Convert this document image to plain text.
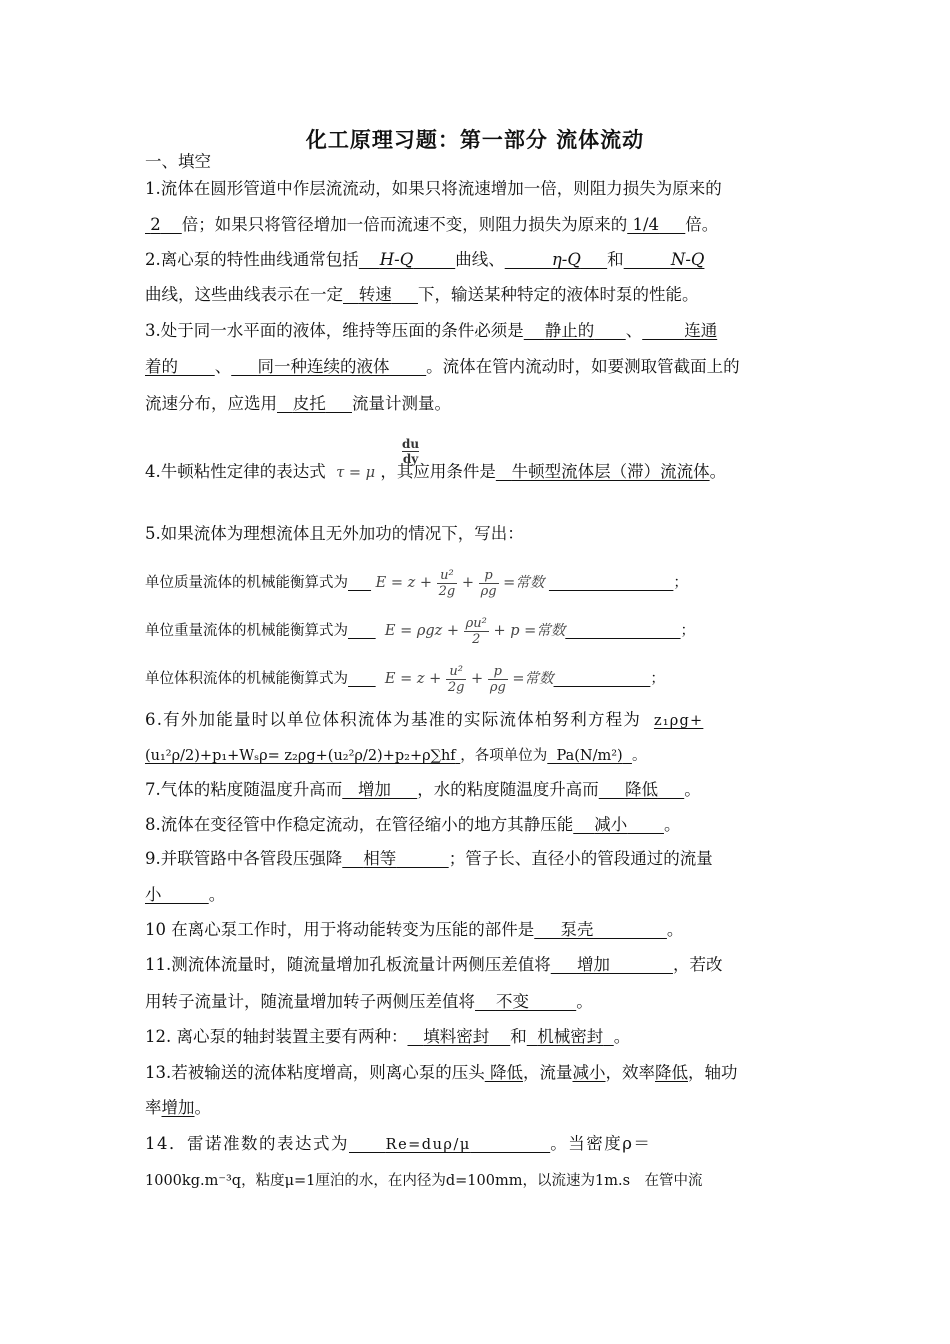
化工原理习题：第一部分 流体流动
一、填空
1.流体在圆形管道中作层流流动，如果只将流速增加一倍，则阻力损失为原来的
2 倍；如果只将管径增加一倍而流速不变，则阻力损失为原来的 1/4 倍。
2.离心泵的特性曲线通常包括 H-Q	曲线、	η-Q 和	N-Q
曲线，这些曲线表示在一定 转速 下，输送某种特定的液体时泵的性能。
3.处于同一水平面的液体，维持等压面的条件必须是 静止的 、	连通
着的 、 同一种连续的液体 。流体在管内流动时，如要测取管截面上的
流速分布，应选用 皮托 流量计测量。
du
dy
4.牛顿粘性定律的表达式 τ = μ ，其应用条件是 牛顿型流体层（滞）流流体。
5.如果流体为理想流体且无外加功的情况下，写出：
单位质量流体的机械能衡算式为 $E = z + \frac{\text{u²}}{2g} + \frac{p}{\rho g}$ =常数	；
单位重量流体的机械能衡算式为	$E = \rho gz + \frac{\text{ρu²}}{2} + p$ =常数	；
单位体积流体的机械能衡算式为	$E = z + \frac{\text{u²}}{2g} + \frac{p}{\rho g}$ =常数	；
6.有外加能量时以单位体积流体为基准的实际流体柏努利方程为 z₁ρg+
(u₁²ρ/2)+p₁+Wₛρ= z₂ρg+(u₂²ρ/2)+p₂+ρ∑hf ，各项单位为 Pa(N/m²) 。
7.气体的粘度随温度升高而 增加 ，水的粘度随温度升高而 降低 。
8.流体在变径管中作稳定流动，在管径缩小的地方其静压能 减小 。
9.并联管路中各管段压强降 相等	；管子长、直径小的管段通过的流量
小	。
10 在离心泵工作时，用于将动能转变为压能的部件是 泵壳	。
11.测流体流量时，随流量增加孔板流量计两侧压差值将 增加	，若改
用转子流量计，随流量增加转子两侧压差值将 不变	。
12. 离心泵的轴封装置主要有两种： 填料密封 和 机械密封 。
13.若被输送的流体粘度增高，则离心泵的压头 降低，流量减小，效率降低，轴功
率增加。
14．雷诺准数的表达式为	Re=duρ/μ	。当密度ρ＝
1000kg.m⁻³q，粘度μ=1厘泊的水，在内径为d=100mm，以流速为1m.s　在管中流
